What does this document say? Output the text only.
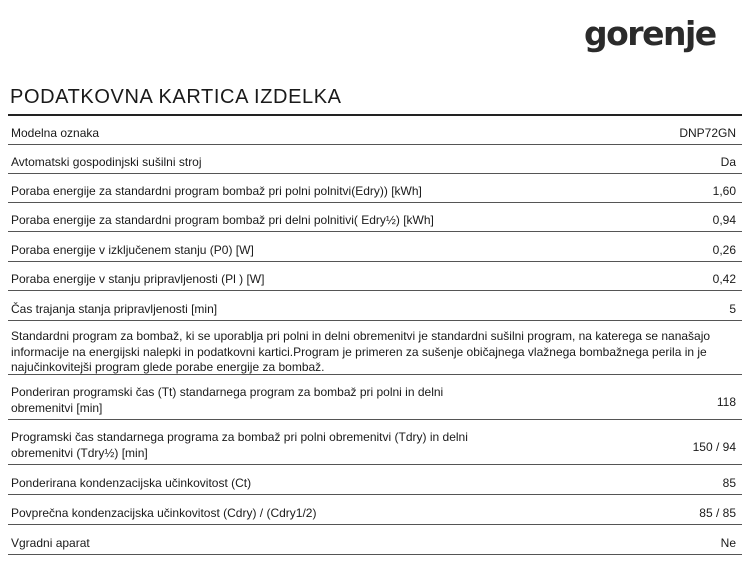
gorenje
PODATKOVNA KARTICA IZDELKA
Modelna oznaka	DNP72GN
Avtomatski gospodinjski sušilni stroj	Da
Poraba energije za standardni program bombaž pri polni polnitvi(Edry)) [kWh]	1,60
Poraba energije za standardni program bombaž pri delni polnitivi( Edry½) [kWh]	0,94
Poraba energije v izključenem stanju (P0) [W]	0,26
Poraba energije v stanju pripravljenosti (Pl ) [W]	0,42
Čas trajanja stanja pripravljenosti [min]	5
Standardni program za bombaž, ki se uporablja pri polni in delni obremenitvi je standardni sušilni program, na katerega se nanašajo informacije na energijski nalepki in podatkovni kartici.Program je primeren za sušenje običajnega vlažnega bombažnega perila in je najučinkovitejši program glede porabe energije za bombaž.
Ponderiran programski čas (Tt) standarnega program za bombaž pri polni in delni obremenitvi [min]	118
Programski čas standarnega programa za bombaž pri polni obremenitvi (Tdry) in delni obremenitvi (Tdry½) [min]	150 / 94
Ponderirana kondenzacijska učinkovitost (Ct)	85
Povprečna kondenzacijska učinkovitost (Cdry) / (Cdry1/2)	85 / 85
Vgradni aparat	Ne
